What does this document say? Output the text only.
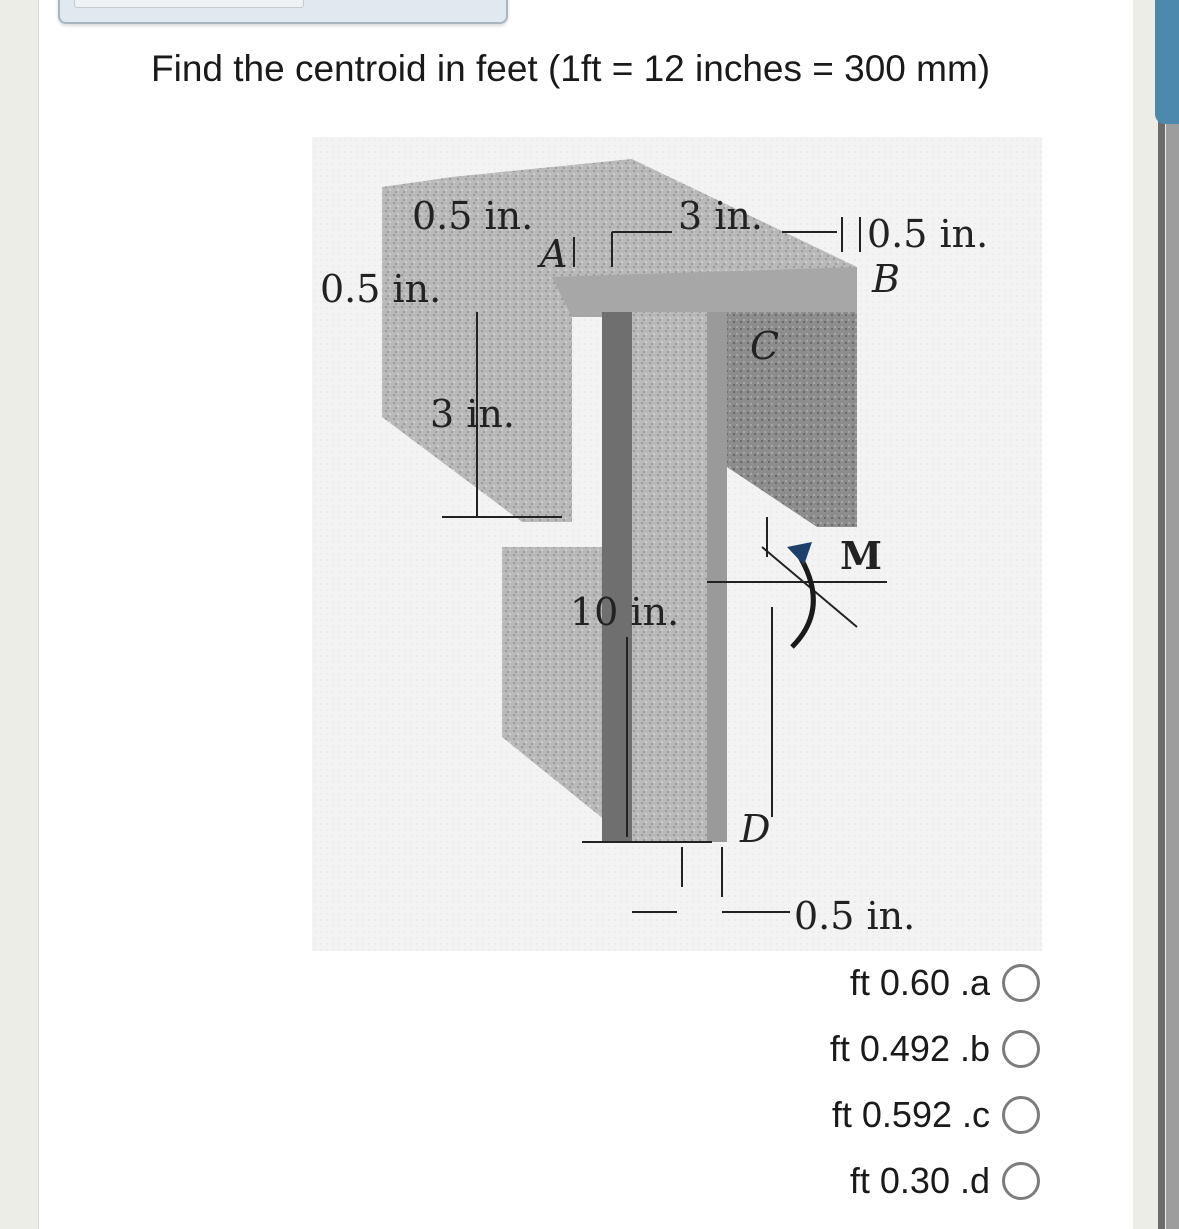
Find the centroid in feet (1ft = 12 inches = 300 mm)
0.5 in.	3 in.	0.5 in.
0.5 in.
3 in.
10 in.
0.5 in.
A
B
C
D
M
ft 0.60 .a
ft 0.492 .b
ft 0.592 .c
ft 0.30 .d
